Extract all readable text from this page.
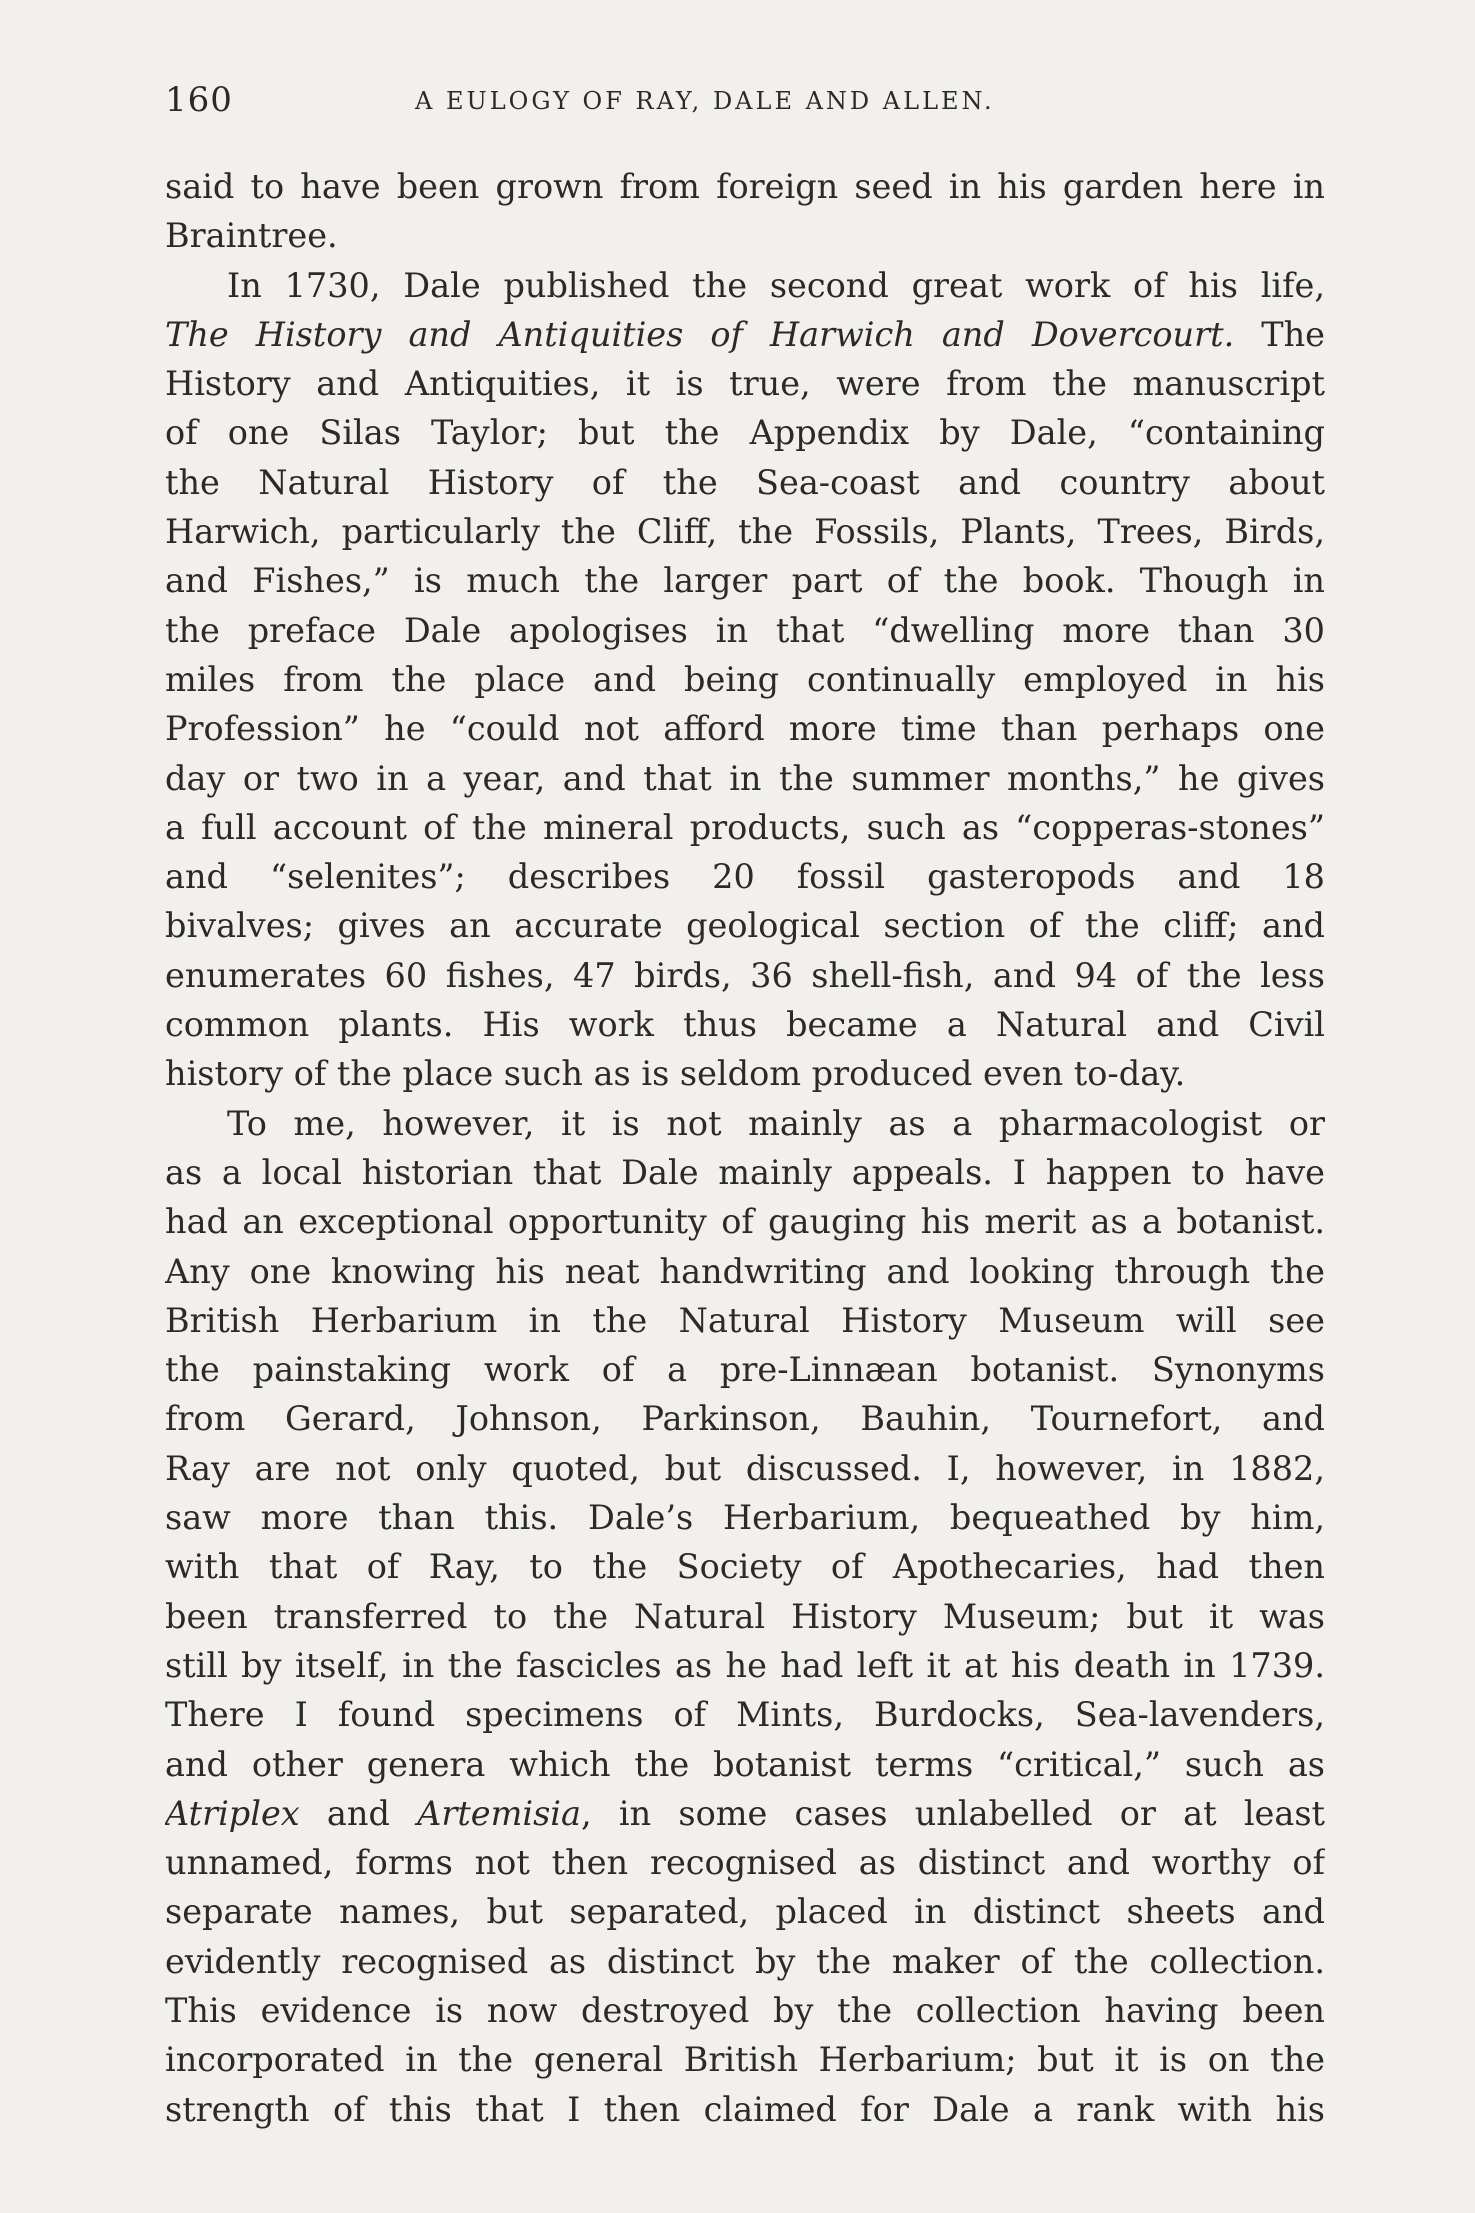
160	A EULOGY OF RAY, DALE AND ALLEN.
said to have been grown from foreign seed in his garden here in
Braintree.
In 1730, Dale published the second great work of his life,
The History and Antiquities of Harwich and Dovercourt. The
History and Antiquities, it is true, were from the manuscript
of one Silas Taylor; but the Appendix by Dale, “containing
the Natural History of the Sea-coast and country about
Harwich, particularly the Cliff, the Fossils, Plants, Trees, Birds,
and Fishes,” is much the larger part of the book. Though in
the preface Dale apologises in that “dwelling more than 30
miles from the place and being continually employed in his
Profession” he “could not afford more time than perhaps one
day or two in a year, and that in the summer months,” he gives
a full account of the mineral products, such as “copperas-stones”
and “selenites”; describes 20 fossil gasteropods and 18
bivalves; gives an accurate geological section of the cliff; and
enumerates 60 fishes, 47 birds, 36 shell-fish, and 94 of the less
common plants. His work thus became a Natural and Civil
history of the place such as is seldom produced even to-day.
To me, however, it is not mainly as a pharmacologist or
as a local historian that Dale mainly appeals. I happen to have
had an exceptional opportunity of gauging his merit as a botanist.
Any one knowing his neat handwriting and looking through the
British Herbarium in the Natural History Museum will see
the painstaking work of a pre-Linnæan botanist. Synonyms
from Gerard, Johnson, Parkinson, Bauhin, Tournefort, and
Ray are not only quoted, but discussed. I, however, in 1882,
saw more than this. Dale’s Herbarium, bequeathed by him,
with that of Ray, to the Society of Apothecaries, had then
been transferred to the Natural History Museum; but it was
still by itself, in the fascicles as he had left it at his death in 1739.
There I found specimens of Mints, Burdocks, Sea-lavenders,
and other genera which the botanist terms “critical,” such as
Atriplex and Artemisia, in some cases unlabelled or at least
unnamed, forms not then recognised as distinct and worthy of
separate names, but separated, placed in distinct sheets and
evidently recognised as distinct by the maker of the collection.
This evidence is now destroyed by the collection having been
incorporated in the general British Herbarium; but it is on the
strength of this that I then claimed for Dale a rank with his
